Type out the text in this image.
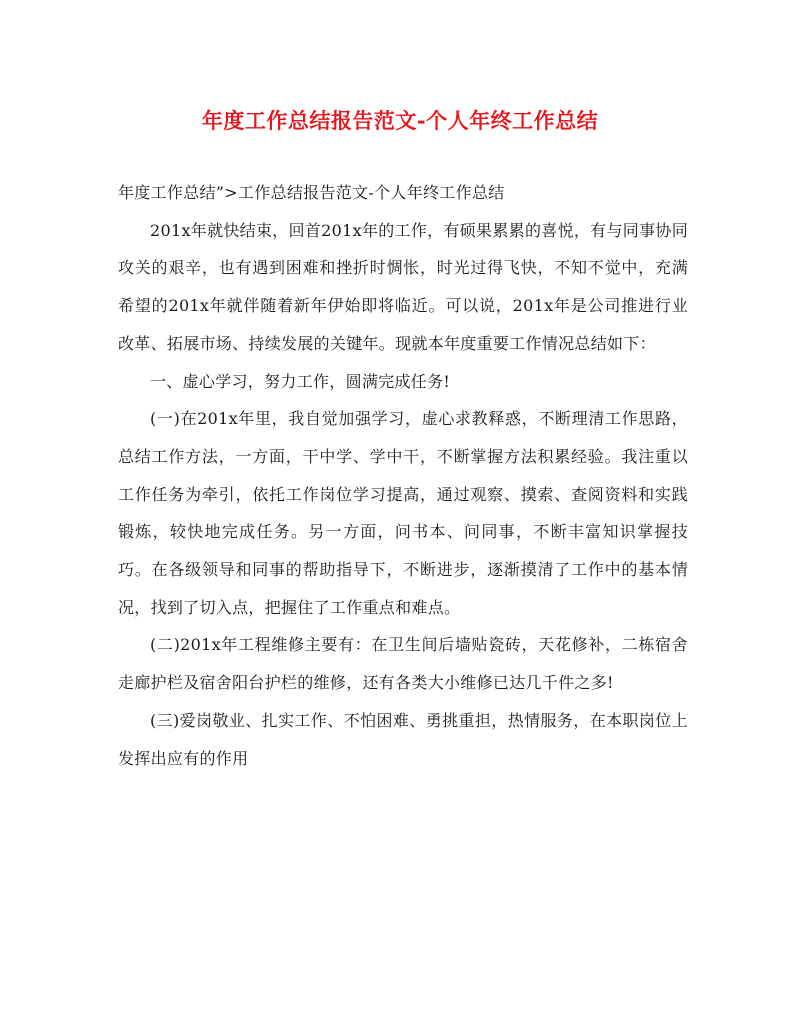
年度工作总结报告范文-个人年终工作总结

年度工作总结”>工作总结报告范文-个人年终工作总结

201x年就快结束，回首201x年的工作，有硕果累累的喜悦，有与同事协同攻关的艰辛，也有遇到困难和挫折时惆怅，时光过得飞快，不知不觉中，充满希望的201x年就伴随着新年伊始即将临近。可以说，201x年是公司推进行业改革、拓展市场、持续发展的关键年。现就本年度重要工作情况总结如下：

一、虚心学习，努力工作，圆满完成任务!

(一)在201x年里，我自觉加强学习，虚心求教释惑，不断理清工作思路，总结工作方法，一方面，干中学、学中干，不断掌握方法积累经验。我注重以工作任务为牵引，依托工作岗位学习提高，通过观察、摸索、查阅资料和实践锻炼，较快地完成任务。另一方面，问书本、问同事，不断丰富知识掌握技巧。在各级领导和同事的帮助指导下，不断进步，逐渐摸清了工作中的基本情况，找到了切入点，把握住了工作重点和难点。

(二)201x年工程维修主要有：在卫生间后墙贴瓷砖，天花修补，二栋宿舍走廊护栏及宿舍阳台护栏的维修，还有各类大小维修已达几千件之多!

(三)爱岗敬业、扎实工作、不怕困难、勇挑重担，热情服务，在本职岗位上发挥出应有的作用
